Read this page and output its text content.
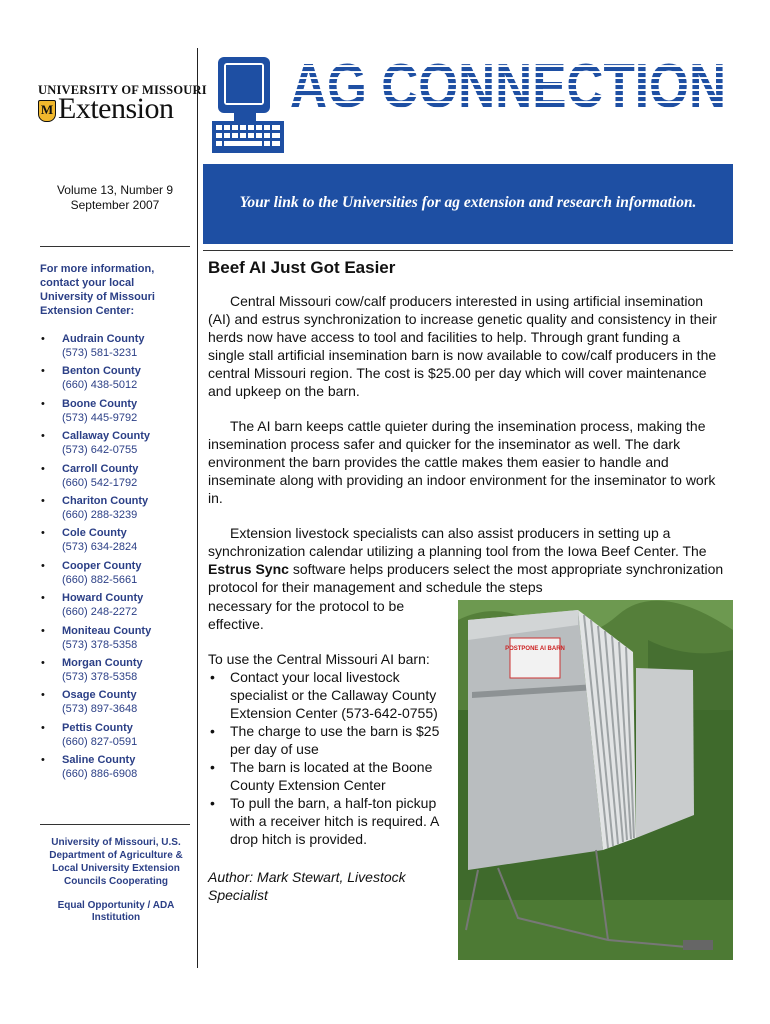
UNIVERSITY OF MISSOURI
M Extension
Volume 13, Number 9
September 2007
For more information, contact your local University of Missouri Extension Center:
• Audrain County
(573) 581-3231
• Benton County
(660) 438-5012
• Boone County
(573) 445-9792
• Callaway County
(573) 642-0755
• Carroll County
(660) 542-1792
• Chariton County
(660) 288-3239
• Cole County
(573) 634-2824
• Cooper County
(660) 882-5661
• Howard County
(660) 248-2272
• Moniteau County
(573) 378-5358
• Morgan County
(573) 378-5358
• Osage County
(573) 897-3648
• Pettis County
(660) 827-0591
• Saline County
(660) 886-6908
University of Missouri, U.S. Department of Agriculture & Local University Extension Councils Cooperating
Equal Opportunity / ADA Institution
AG CONNECTION
Your link to the Universities for ag extension and research information.
Beef AI Just Got Easier
Central Missouri cow/calf producers interested in using artificial insemination (AI) and estrus synchronization to increase genetic quality and consistency in their herds now have access to tool and facilities to help. Through grant funding a single stall artificial insemination barn is now available to cow/calf producers in the central Missouri region. The cost is $25.00 per day which will cover maintenance and upkeep on the barn.
The AI barn keeps cattle quieter during the insemination process, making the insemination process safer and quicker for the inseminator as well. The dark environment the barn provides the cattle makes them easier to handle and inseminate along with providing an indoor environment for the inseminator to work in.
Extension livestock specialists can also assist producers in setting up a synchronization calendar utilizing a planning tool from the Iowa Beef Center. The Estrus Sync software helps producers select the most appropriate synchronization protocol for their management and schedule the steps
necessary for the protocol to be effective.
To use the Central Missouri AI barn:
• Contact your local livestock specialist or the Callaway County Extension Center (573-642-0755)
• The charge to use the barn is $25 per day of use
• The barn is located at the Boone County Extension Center
• To pull the barn, a half-ton pickup with a receiver hitch is required. A drop hitch is provided.
Author: Mark Stewart, Livestock Specialist
POSTPONE AI BARN
